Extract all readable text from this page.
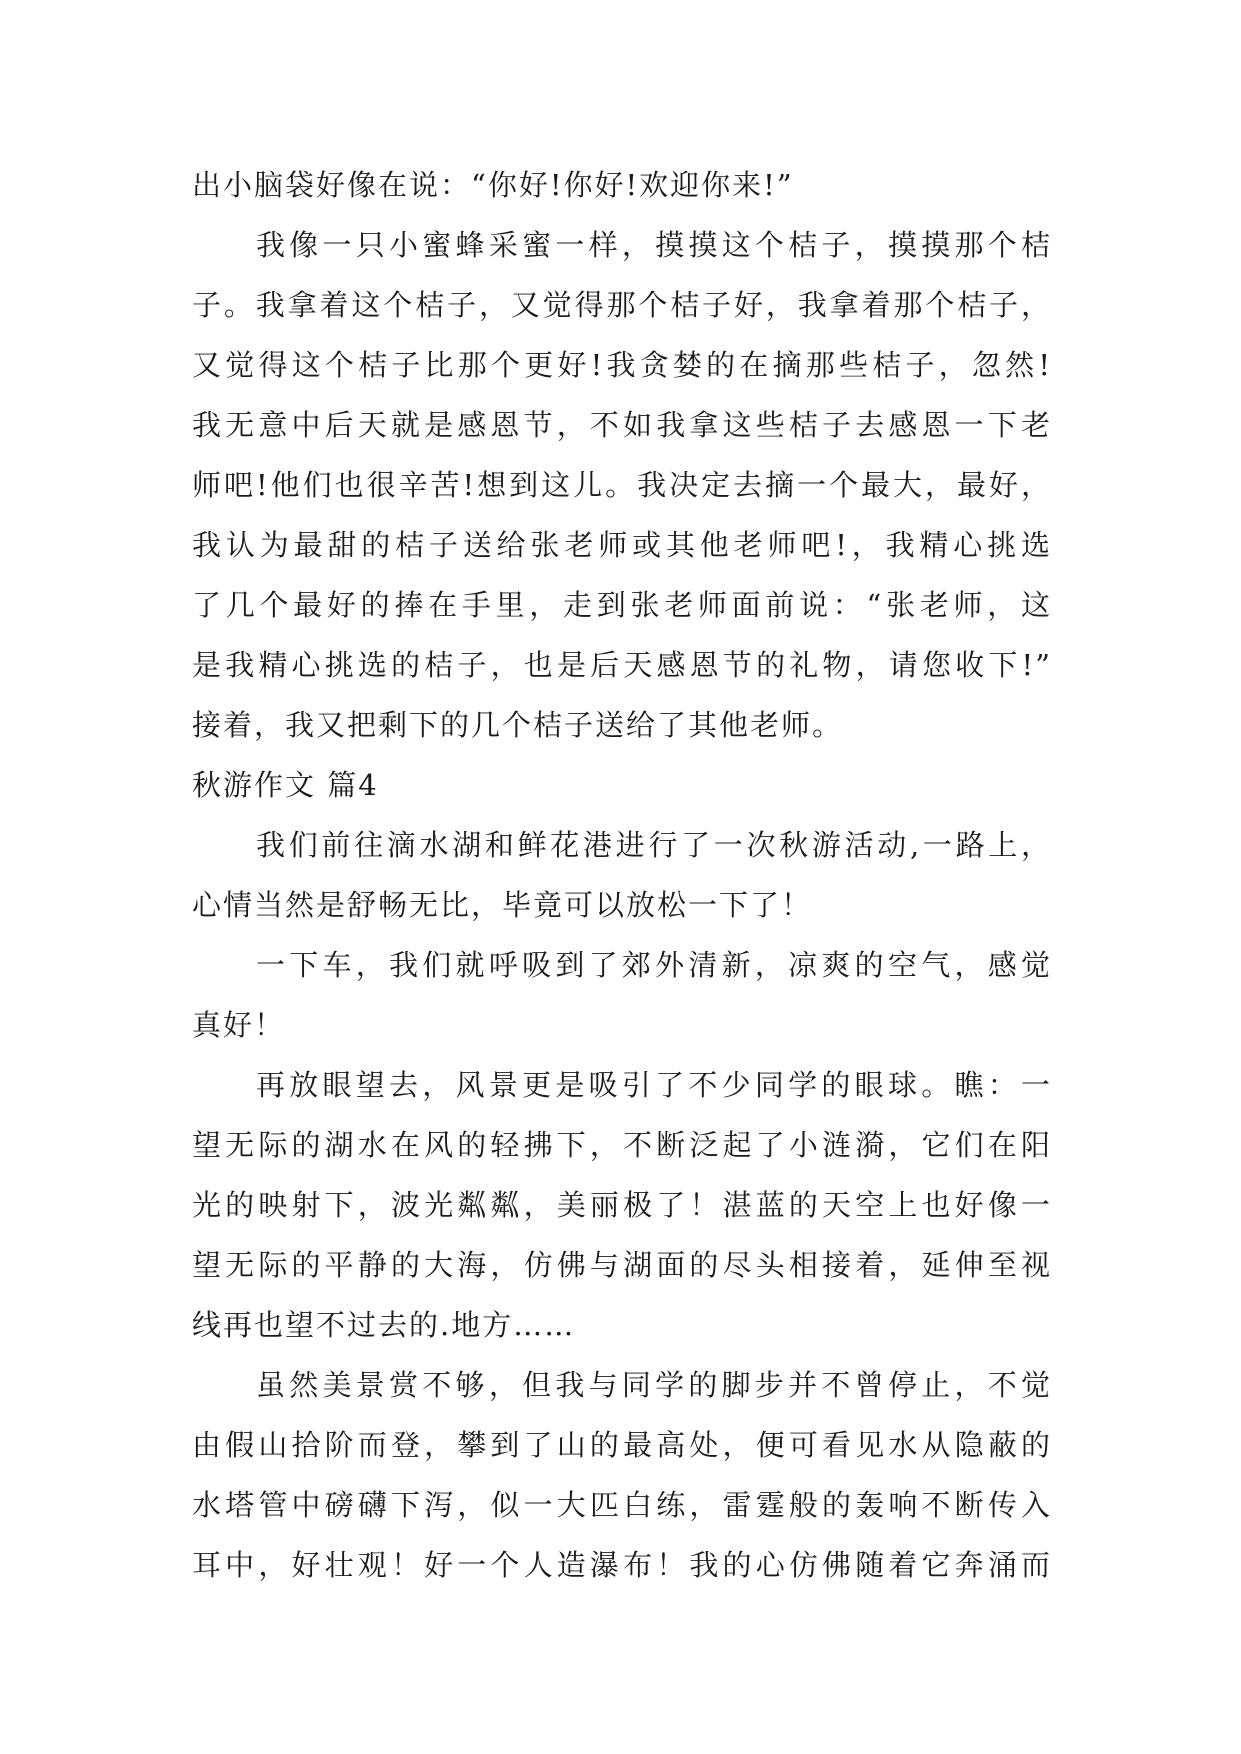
出小脑袋好像在说：“你好!你好!欢迎你来!”
我像一只小蜜蜂采蜜一样，摸摸这个桔子，摸摸那个桔
子。我拿着这个桔子，又觉得那个桔子好，我拿着那个桔子，
又觉得这个桔子比那个更好!我贪婪的在摘那些桔子，忽然!
我无意中后天就是感恩节，不如我拿这些桔子去感恩一下老
师吧!他们也很辛苦!想到这儿。我决定去摘一个最大，最好，
我认为最甜的桔子送给张老师或其他老师吧!，我精心挑选
了几个最好的捧在手里，走到张老师面前说：“张老师，这
是我精心挑选的桔子，也是后天感恩节的礼物，请您收下!”
接着，我又把剩下的几个桔子送给了其他老师。
秋游作文 篇4
我们前往滴水湖和鲜花港进行了一次秋游活动,一路上，
心情当然是舒畅无比，毕竟可以放松一下了！
一下车，我们就呼吸到了郊外清新，凉爽的空气，感觉
真好！
再放眼望去，风景更是吸引了不少同学的眼球。瞧：一
望无际的湖水在风的轻拂下，不断泛起了小涟漪，它们在阳
光的映射下，波光粼粼，美丽极了！湛蓝的天空上也好像一
望无际的平静的大海，仿佛与湖面的尽头相接着，延伸至视
线再也望不过去的.地方……
虽然美景赏不够，但我与同学的脚步并不曾停止，不觉
由假山拾阶而登，攀到了山的最高处，便可看见水从隐蔽的
水塔管中磅礴下泻，似一大匹白练，雷霆般的轰响不断传入
耳中，好壮观！好一个人造瀑布！我的心仿佛随着它奔涌而
